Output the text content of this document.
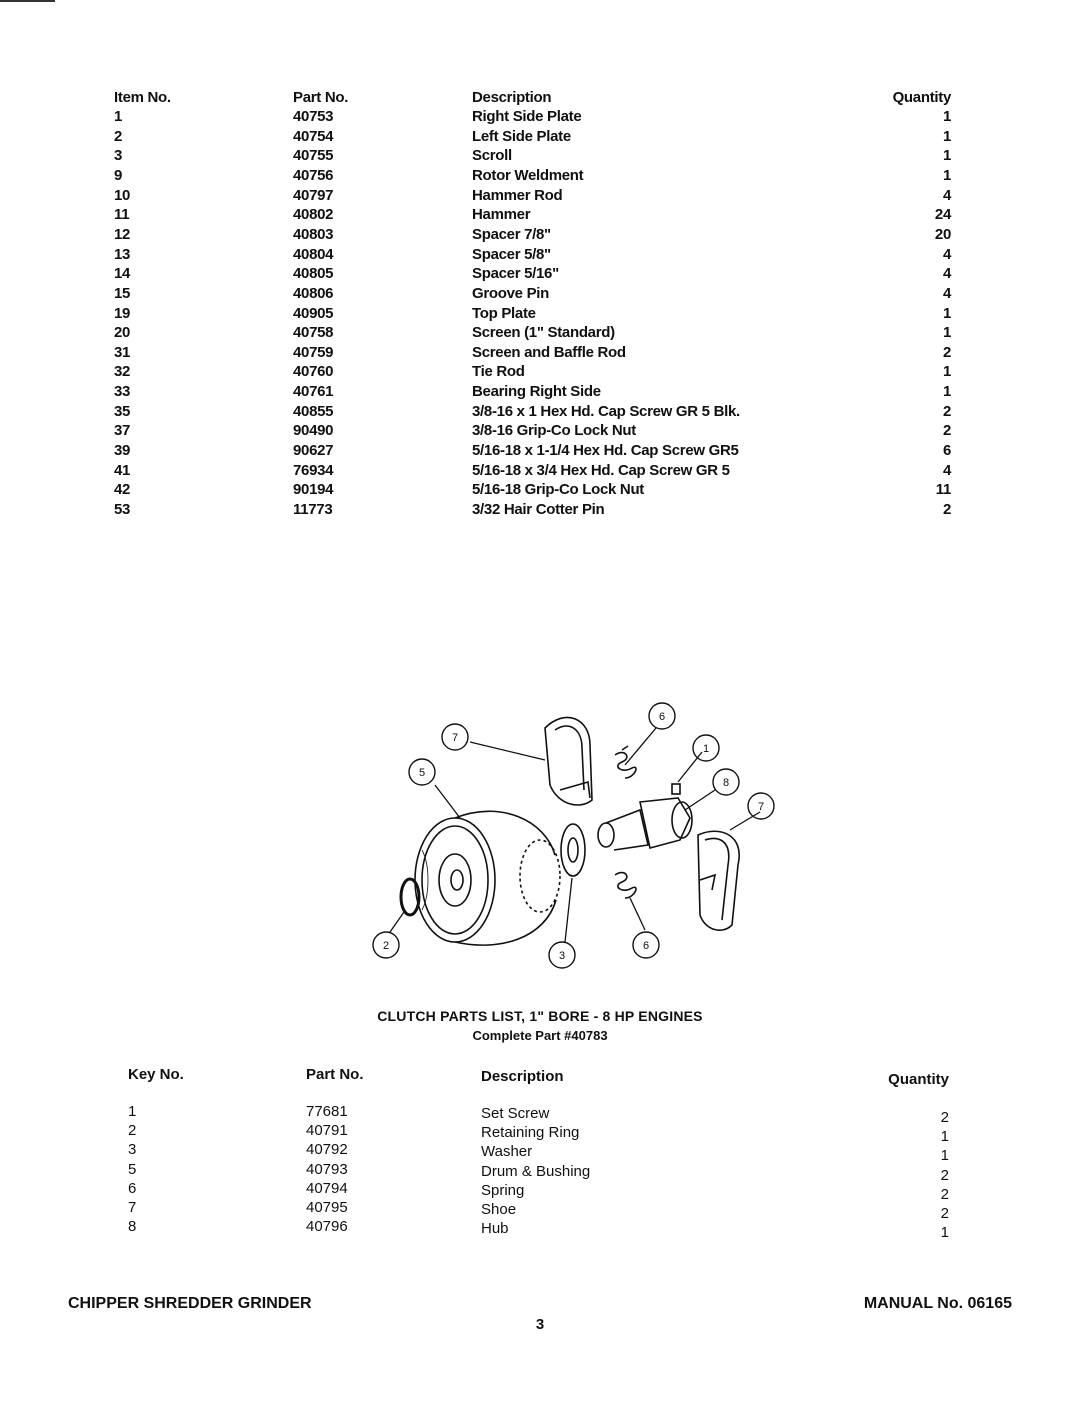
Item No.	Part No.	Description	Quantity
1	40753	Right Side Plate	1
2	40754	Left Side Plate	1
3	40755	Scroll	1
9	40756	Rotor Weldment	1
10	40797	Hammer Rod	4
11	40802	Hammer	24
12	40803	Spacer 7/8"	20
13	40804	Spacer 5/8"	4
14	40805	Spacer 5/16"	4
15	40806	Groove Pin	4
19	40905	Top Plate	1
20	40758	Screen (1" Standard)	1
31	40759	Screen and Baffle Rod	2
32	40760	Tie Rod	1
33	40761	Bearing Right Side	1
35	40855	3/8-16 x 1 Hex Hd. Cap Screw GR 5 Blk.	2
37	90490	3/8-16 Grip-Co Lock Nut	2
39	90627	5/16-18 x 1-1/4 Hex Hd. Cap Screw GR5	6
41	76934	5/16-18 x 3/4 Hex Hd. Cap Screw GR 5	4
42	90194	5/16-18 Grip-Co Lock Nut	11
53	11773	3/32 Hair Cotter Pin	2
7
5
6
1
8
7
2
3
6
CLUTCH PARTS LIST, 1" BORE - 8 HP ENGINES
Complete Part #40783
Key No.	Part No.	Description	Quantity
1	77681	Set Screw	2
2	40791	Retaining Ring	1
3	40792	Washer	1
5	40793	Drum & Bushing	2
6	40794	Spring	2
7	40795	Shoe	2
8	40796	Hub	1
CHIPPER SHREDDER GRINDER	MANUAL No. 06165
3
